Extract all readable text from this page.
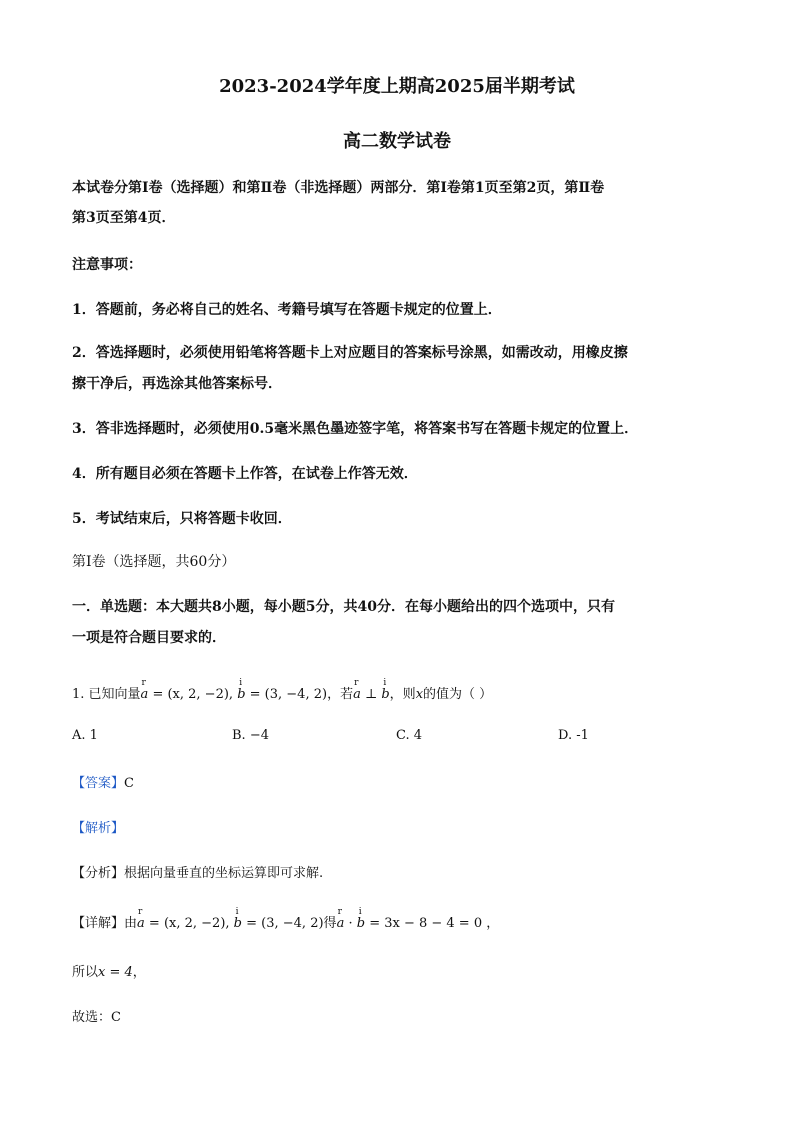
2023-2024学年度上期高2025届半期考试
高二数学试卷
本试卷分第Ⅰ卷（选择题）和第Ⅱ卷（非选择题）两部分．第Ⅰ卷第1页至第2页，第Ⅱ卷
第3页至第4页．
注意事项：
1．答题前，务必将自己的姓名、考籍号填写在答题卡规定的位置上．
2．答选择题时，必须使用铅笔将答题卡上对应题目的答案标号涂黑，如需改动，用橡皮擦
擦干净后，再选涂其他答案标号．
3．答非选择题时，必须使用0.5毫米黑色墨迹签字笔，将答案书写在答题卡规定的位置上．
4．所有题目必须在答题卡上作答，在试卷上作答无效．
5．考试结束后，只将答题卡收回．
第Ⅰ卷（选择题，共60分）
一．单选题：本大题共8小题，每小题5分，共40分．在每小题给出的四个选项中，只有
一项是符合题目要求的．
1. 已知向量r a = (x, 2, −2), i b = (3, −4, 2)，若r a ⊥ i b，则x的值为（ ）
A. 1	B. −4	C. 4	D. -1
【答案】C
【解析】
【分析】根据向量垂直的坐标运算即可求解.
【详解】由r a = (x, 2, −2), i b = (3, −4, 2)得r a · i b = 3x − 8 − 4 = 0 ，
所以x = 4，
故选：C
